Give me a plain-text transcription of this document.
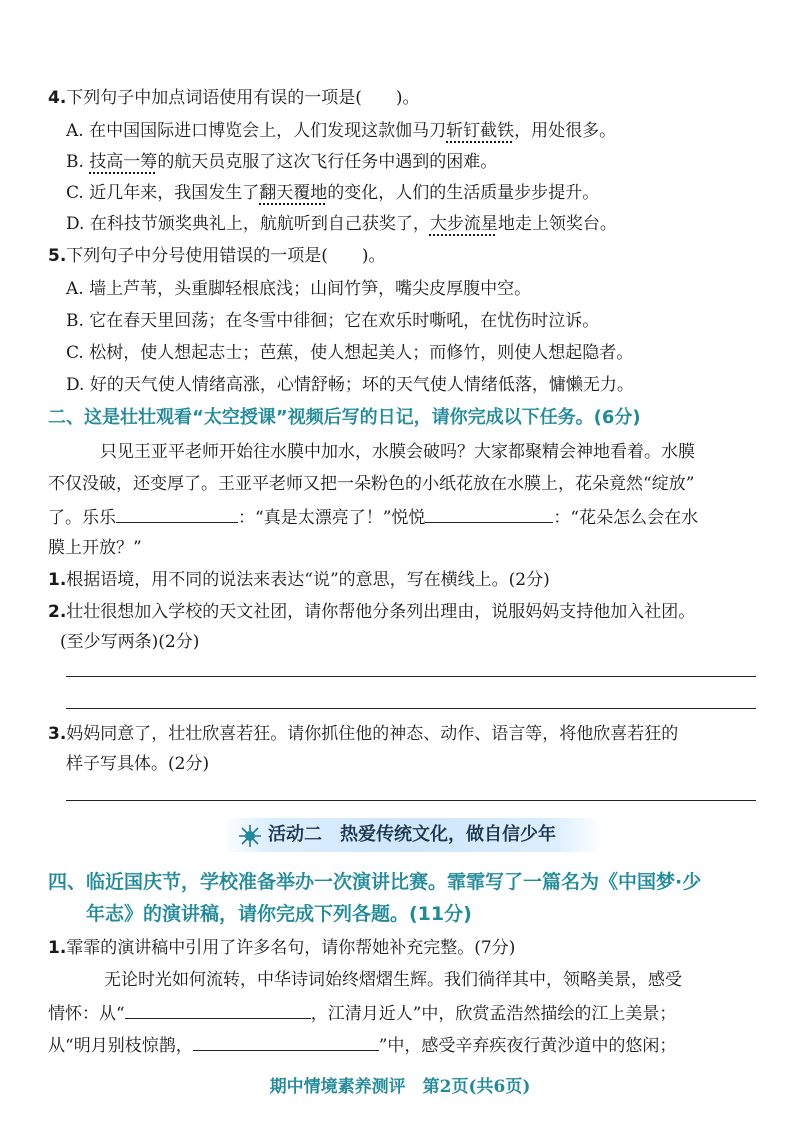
4.下列句子中加点词语使用有误的一项是(　　)。
A. 在中国国际进口博览会上，人们发现这款伽马刀斩钉截铁，用处很多。
B. 技高一筹的航天员克服了这次飞行任务中遇到的困难。
C. 近几年来，我国发生了翻天覆地的变化，人们的生活质量步步提升。
D. 在科技节颁奖典礼上，航航听到自己获奖了，大步流星地走上领奖台。
5.下列句子中分号使用错误的一项是(　　)。
A. 墙上芦苇，头重脚轻根底浅；山间竹笋，嘴尖皮厚腹中空。
B. 它在春天里回荡；在冬雪中徘徊；它在欢乐时嘶吼，在忧伤时泣诉。
C. 松树，使人想起志士；芭蕉，使人想起美人；而修竹，则使人想起隐者。
D. 好的天气使人情绪高涨，心情舒畅；坏的天气使人情绪低落，慵懒无力。
二、这是壮壮观看“太空授课”视频后写的日记，请你完成以下任务。(6分)
只见王亚平老师开始往水膜中加水，水膜会破吗？大家都聚精会神地看着。水膜
不仅没破，还变厚了。王亚平老师又把一朵粉色的小纸花放在水膜上，花朵竟然“绽放”
了。乐乐	：“真是太漂亮了！”悦悦	：“花朵怎么会在水
膜上开放？”
1.根据语境，用不同的说法来表达“说”的意思，写在横线上。(2分)
2.壮壮很想加入学校的天文社团，请你帮他分条列出理由，说服妈妈支持他加入社团。
(至少写两条)(2分)
3.妈妈同意了，壮壮欣喜若狂。请你抓住他的神态、动作、语言等，将他欣喜若狂的
样子写具体。(2分)
活动二　热爱传统文化，做自信少年
四、临近国庆节，学校准备举办一次演讲比赛。霏霏写了一篇名为《中国梦·少
年志》的演讲稿，请你完成下列各题。(11分)
1.霏霏的演讲稿中引用了许多名句，请你帮她补充完整。(7分)
无论时光如何流转，中华诗词始终熠熠生辉。我们徜徉其中，领略美景，感受
情怀：从“	，江清月近人”中，欣赏孟浩然描绘的江上美景；
从“明月别枝惊鹊，	”中，感受辛弃疾夜行黄沙道中的悠闲；
期中情境素养测评　第2页(共6页)
